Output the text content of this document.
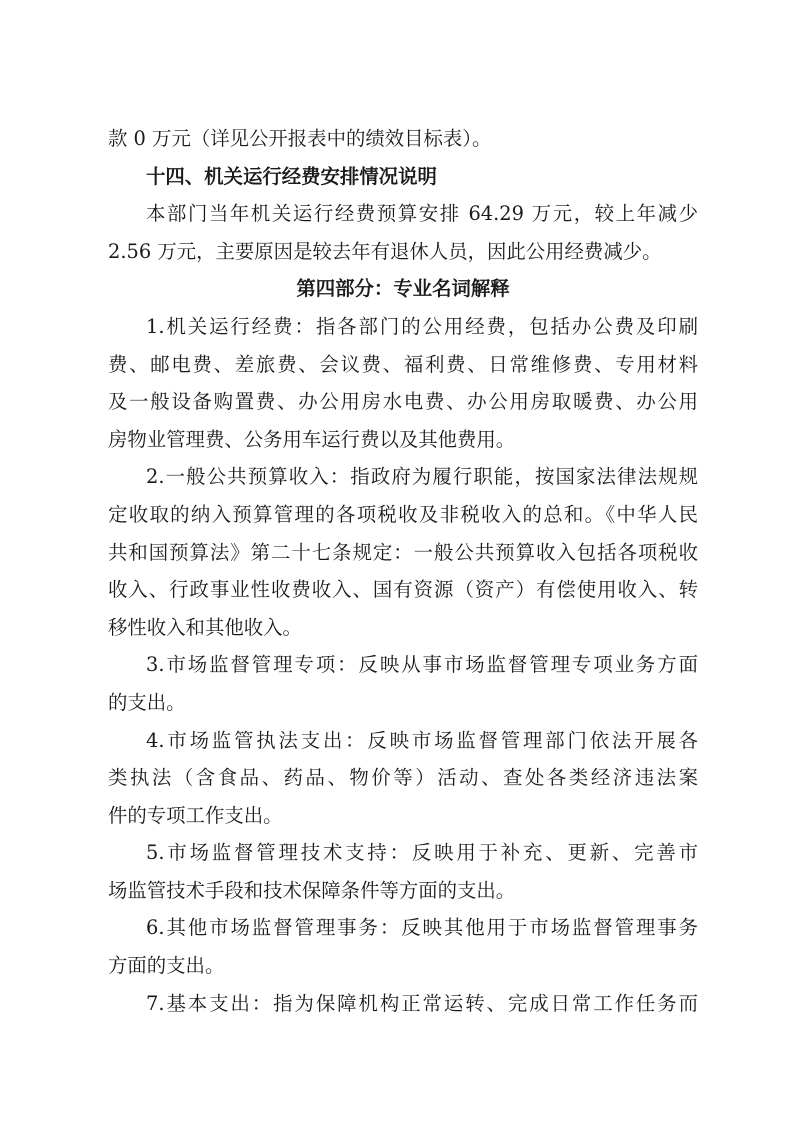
款 0 万元（详见公开报表中的绩效目标表）。
十四、机关运行经费安排情况说明
本部门当年机关运行经费预算安排 64.29 万元，较上年减少
2.56 万元，主要原因是较去年有退休人员，因此公用经费减少。
第四部分：专业名词解释
1.机关运行经费：指各部门的公用经费，包括办公费及印刷
费、邮电费、差旅费、会议费、福利费、日常维修费、专用材料
及一般设备购置费、办公用房水电费、办公用房取暖费、办公用
房物业管理费、公务用车运行费以及其他费用。
2.一般公共预算收入：指政府为履行职能，按国家法律法规规
定收取的纳入预算管理的各项税收及非税收入的总和。《中华人民
共和国预算法》第二十七条规定：一般公共预算收入包括各项税收
收入、行政事业性收费收入、国有资源（资产）有偿使用收入、转
移性收入和其他收入。
3.市场监督管理专项：反映从事市场监督管理专项业务方面
的支出。
4.市场监管执法支出：反映市场监督管理部门依法开展各
类执法（含食品、药品、物价等）活动、查处各类经济违法案
件的专项工作支出。
5.市场监督管理技术支持：反映用于补充、更新、完善市
场监管技术手段和技术保障条件等方面的支出。
6.其他市场监督管理事务：反映其他用于市场监督管理事务
方面的支出。
7.基本支出：指为保障机构正常运转、完成日常工作任务而
